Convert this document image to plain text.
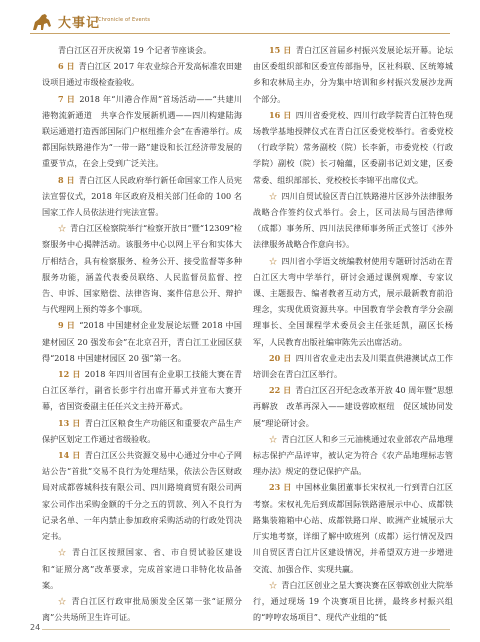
大事记
Chronicle of Events

青白江区召开庆祝第 19 个记者节座谈会。

6 日  青白江区 2017 年农业综合开发高标准农田建设项目通过市级检查验收。

7 日  2018 年“川港合作周”首场活动——“共建川港物流新通道　共享合作发展新机遇——四川构建陆海联运通道打造西部国际门户枢纽推介会”在香港举行。成都国际铁路港作为“一带一路”建设和长江经济带发展的重要节点，在会上受到广泛关注。

8 日  青白江区人民政府举行新任命国家工作人员宪法宣誓仪式，2018 年区政府及相关部门任命的 100 名国家工作人员依法进行宪法宣誓。

☆  青白江区检察院举行“检察开放日”暨“12309”检察服务中心揭牌活动。该服务中心以网上平台和实体大厅相结合，具有检察服务、检务公开、接受监督等多种服务功能，涵盖代表委员联络、人民监督员监督、控告、申诉、国家赔偿、法律咨询、案件信息公开、辩护与代理网上预约等多个事项。

9 日  “2018 中国建材企业发展论坛暨 2018 中国建材园区 20 强发布会”在北京召开，青白江工业园区获得“2018 中国建材园区 20 强”第一名。

12 日  2018 年四川省国有企业职工技能大赛在青白江区举行，副省长彭宇行出席开幕式并宣布大赛开幕，省国资委副主任任兴文主持开幕式。

13 日  青白江区粮食生产功能区和重要农产品生产保护区划定工作通过省级验收。

14 日  青白江区公共资源交易中心通过分中心子网站公告“首批”交易不良行为处理结果，依法公告区财政局对成都蓉城科技有限公司、四川路境商贸有限公司两家公司作出采购金额的千分之五的罚款、列入不良行为记录名单、一年内禁止参加政府采购活动的行政处罚决定书。

☆  青白江区按照国家、省、市自贸试验区建设和“证照分离”改革要求，完成首家进口非特化妆品备案。

☆  青白江区行政审批局颁发全区第一张“证照分离”公共场所卫生许可证。

15 日  青白江区首届乡村振兴发展论坛开幕。论坛由区委组织部和区委宣传部指导，区社科联、区统筹城乡和农林局主办，分为集中培训和乡村振兴发展沙龙两个部分。

16 日  四川省委党校、四川行政学院青白江特色现场教学基地授牌仪式在青白江区委党校举行。省委党校（行政学院）常务副校（院）长李新，市委党校（行政学院）副校（院）长刁翰蘊，区委副书记刘文建，区委常委、组织部部长、党校校长李锦平出席仪式。

☆  四川自贸试验区青白江铁路港片区涉外法律服务战略合作签约仪式举行。会上，区司法局与国浩律师（成都）事务所、四川法民律师事务所正式签订《涉外法律服务战略合作意向书》。

☆  四川省小学语文统编教材使用专题研讨活动在青白江区大弯中学举行，研讨会通过课例观摩、专家议课、主题报告、编者教者互动方式，展示最新教育前沿理念，实现优质资源共享。中国教育学会教育学分会副理事长、全国课程学术委员会主任张廷凯，副区长杨军，人民教育出版社编审陈先云出席活动。

20 日  四川省农业走出去及川渠直供港澳试点工作培训会在青白江区举行。

22 日  青白江区召开纪念改革开放 40 周年暨“思想再解放　改革再深入——建设蓉欧枢纽　促区域协同发展”理论研讨会。

☆  青白江区人和乡三元油桃通过农业部农产品地理标志保护产品评审，被认定为符合《农产品地理标志管理办法》规定的登记保护产品。

23 日  中国林业集团董事长宋权礼一行到青白江区考察。宋权礼先后到成都国际铁路港展示中心、成都铁路集装箱箱中心站、成都铁路口岸、欧洲产业城展示大厅实地考察，详细了解中欧班列（成都）运行情况及四川自贸区青白江片区建设情况，并希望双方进一步增进交流、加强合作、实现共赢。

☆  青白江区创业之星大赛决赛在区蓉欧创业大院举行，通过现场 19 个决赛项目比拼，最终乡村振兴组的“哼哼农场项目”、现代产业组的“低

24
